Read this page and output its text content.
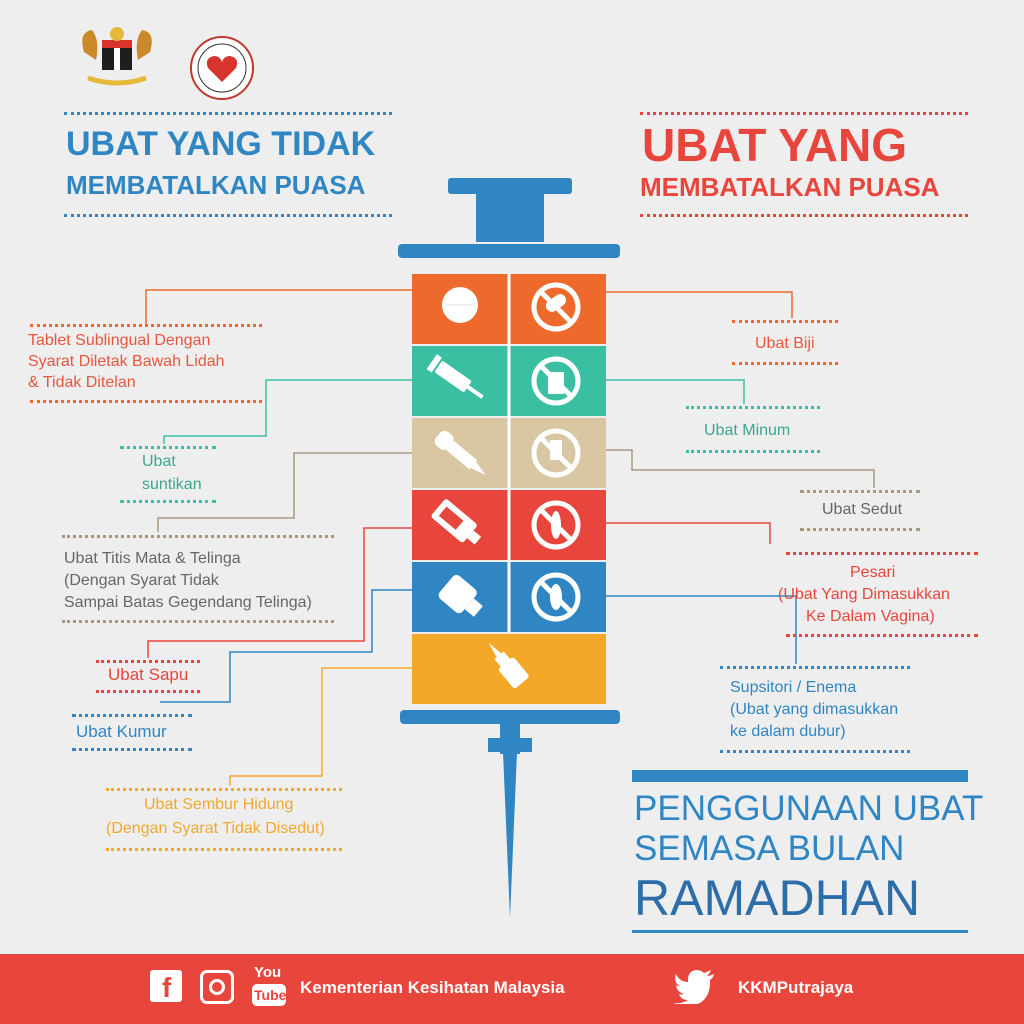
UBAT YANG TIDAK
MEMBATALKAN PUASA
UBAT YANG
MEMBATALKAN PUASA
Tablet Sublingual Dengan
Syarat Diletak Bawah Lidah
& Tidak Ditelan
Ubat
suntikan
Ubat Titis Mata & Telinga
(Dengan Syarat Tidak
Sampai Batas Gegendang Telinga)
Ubat Sapu
Ubat Kumur
Ubat Sembur Hidung
(Dengan Syarat Tidak Disedut)
Ubat Biji
Ubat Minum
Ubat Sedut
Pesari
(Ubat Yang Dimasukkan
Ke Dalam Vagina)
Supsitori / Enema
(Ubat yang dimasukkan
ke dalam dubur)
PENGGUNAAN UBAT
SEMASA BULAN
RAMADHAN
f	You
Tube Kementerian Kesihatan Malaysia	KKMPutrajaya
